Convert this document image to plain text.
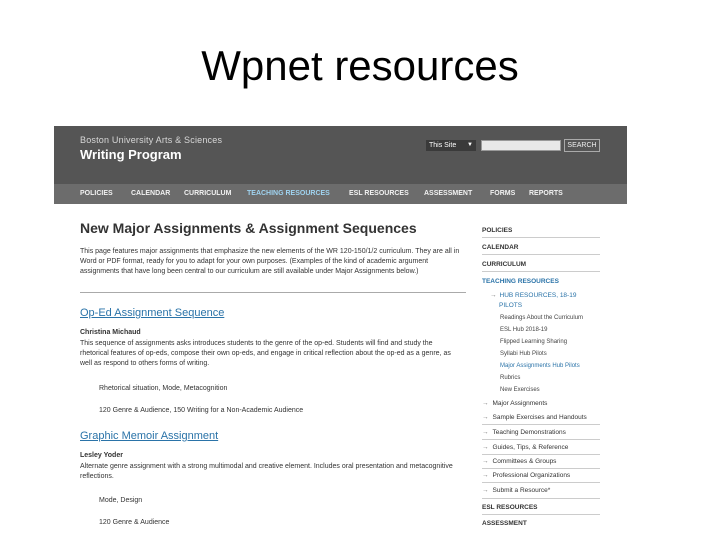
Wpnet resources
Boston University Arts & Sciences
Writing Program
This Site ▼	SEARCH
POLICIES	CALENDAR CURRICULUM TEACHING RESOURCES	ESL RESOURCES ASSESSMENT	FORMS REPORTS
New Major Assignments & Assignment Sequences
This page features major assignments that emphasize the new elements of the WR 120-150/1/2 curriculum. They are all in Word or PDF format, ready for you to adapt for your own purposes. (Examples of the kind of academic argument assignments that have long been central to our curriculum are still available under Major Assignments below.)
Op-Ed Assignment Sequence
Christina Michaud
This sequence of assignments asks introduces students to the genre of the op-ed. Students will find and study the rhetorical features of op-eds, compose their own op-eds, and engage in critical reflection about the op-ed as a genre, as well as respond to others forms of writing.
Rhetorical situation, Mode, Metacognition
120 Genre & Audience, 150 Writing for a Non-Academic Audience
Graphic Memoir Assignment
Lesley Yoder
Alternate genre assignment with a strong multimodal and creative element. Includes oral presentation and metacognitive reflections.
Mode, Design
120 Genre & Audience
POLICIES
CALENDAR
CURRICULUM
TEACHING RESOURCES
→ HUB RESOURCES, 18-19
PILOTS
Readings About the Curriculum
ESL Hub 2018-19
Flipped Learning Sharing
Syllabi Hub Pilots
Major Assignments Hub Pilots
Rubrics
New Exercises
→ Major Assignments
→ Sample Exercises and Handouts
→ Teaching Demonstrations
→ Guides, Tips, & Reference
→ Committees & Groups
→ Professional Organizations
→ Submit a Resource*
ESL RESOURCES
ASSESSMENT
